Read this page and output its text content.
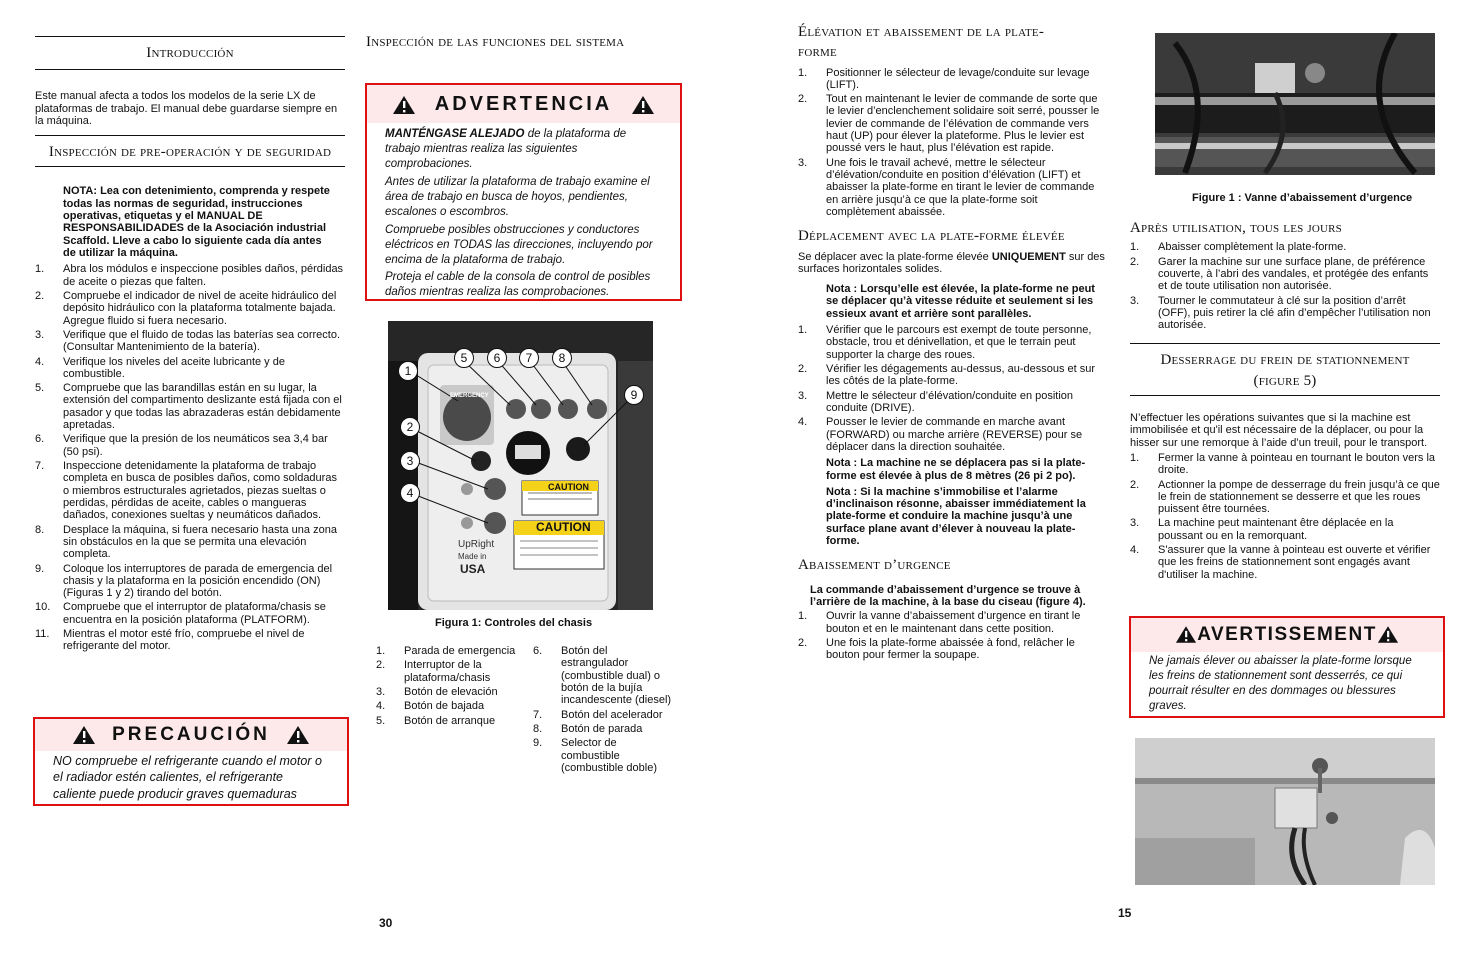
Introducción

Este manual afecta a todos los modelos de la serie LX de plataformas de trabajo. El manual debe guardarse siempre en la máquina.

Inspección de pre-operación y de seguridad

NOTA: Lea con detenimiento, comprenda y respete todas las normas de seguridad, instrucciones operativas, etiquetas y el MANUAL DE RESPONSABILIDADES de la Asociación industrial Scaffold. Lleve a cabo lo siguiente cada día antes de utilizar la máquina.

1. Abra los módulos e inspeccione posibles daños, pérdidas de aceite o piezas que falten.
2. Compruebe el indicador de nivel de aceite hidráulico del depósito hidráulico con la plataforma totalmente bajada. Agregue fluido si fuera necesario.
3. Verifique que el fluido de todas las baterías sea correcto. (Consultar Mantenimiento de la batería).
4. Verifique los niveles del aceite lubricante y de combustible.
5. Compruebe que las barandillas están en su lugar, la extensión del compartimento deslizante está fijada con el pasador y que todas las abrazaderas están debidamente apretadas.
6. Verifique que la presión de los neumáticos sea 3,4 bar (50 psi).
7. Inspeccione detenidamente la plataforma de trabajo completa en busca de posibles daños, como soldaduras o miembros estructurales agrietados, piezas sueltas o perdidas, pérdidas de aceite, cables o mangueras dañados, conexiones sueltas y neumáticos dañados.
8. Desplace la máquina, si fuera necesario hasta una zona sin obstáculos en la que se permita una elevación completa.
9. Coloque los interruptores de parada de emergencia del chasis y la plataforma en la posición encendido (ON) (Figuras 1 y 2) tirando del botón.
10. Compruebe que el interruptor de plataforma/chasis se encuentra en la posición plataforma (PLATFORM).
11. Mientras el motor esté frío, compruebe el nivel de refrigerante del motor.
PRECAUCIÓN

NO compruebe el refrigerante cuando el motor o el radiador estén calientes, el refrigerante caliente puede producir graves quemaduras

Inspección de las funciones del sistema
ADVERTENCIA

MANTÉNGASE ALEJADO de la plataforma de trabajo mientras realiza las siguientes comprobaciones.

Antes de utilizar la plataforma de trabajo examine el área de trabajo en busca de hoyos, pendientes, escalones o escombros.

Compruebe posibles obstrucciones y conductores eléctricos en TODAS las direcciones, incluyendo por encima de la plataforma de trabajo.

Proteja el cable de la consola de control de posibles daños mientras realiza las comprobaciones.

EMERGENCY
CAUTION
CAUTION
UpRight
Made in
USA
1
2
3
4
5	6	7	8
9
Figura 1: Controles del chasis
1. Parada de emergencia
2. Interruptor de la plataforma/chasis
3. Botón de elevación
4. Botón de bajada
5. Botón de arranque
6. Botón del estrangulador (combustible dual) o botón de la bujía incandescente (diesel)
7. Botón del acelerador
8. Botón de parada
9. Selector de combustible (combustible doble)
30
Élévation et abaissement de la plate-forme
1. Positionner le sélecteur de levage/conduite sur levage (LIFT).
2. Tout en maintenant le levier de commande de sorte que le levier d’enclenchement solidaire soit serré, pousser le levier de commande de l’élévation de commande vers haut (UP) pour élever la plateforme. Plus le levier est poussé vers le haut, plus l’élévation est rapide.
3. Une fois le travail achevé, mettre le sélecteur d’élévation/conduite en position d’élévation (LIFT) et abaisser la plate-forme en tirant le levier de commande en arrière jusqu’à ce que la plate-forme soit complètement abaissée.
Déplacement avec la plate-forme élevée

Se déplacer avec la plate-forme élevée UNIQUEMENT sur des surfaces horizontales solides.

Nota : Lorsqu’elle est élevée, la plate-forme ne peut se déplacer qu’à vitesse réduite et seulement si les essieux avant et arrière sont parallèles.

1. Vérifier que le parcours est exempt de toute personne, obstacle, trou et dénivellation, et que le terrain peut supporter la charge des roues.
2. Vérifier les dégagements au-dessus, au-dessous et sur les côtés de la plate-forme.
3. Mettre le sélecteur d’élévation/conduite en position conduite (DRIVE).
4. Pousser le levier de commande en marche avant (FORWARD) ou marche arrière (REVERSE) pour se déplacer dans la direction souhaitée.

Nota : La machine ne se déplacera pas si la plate-forme est élevée à plus de 8 mètres (26 pi 2 po).

Nota : Si la machine s’immobilise et l’alarme d’inclinaison résonne, abaisser immédiatement la plate-forme et conduire la machine jusqu’à une surface plane avant d’élever à nouveau la plate-forme.

Abaissement d’urgence

La commande d’abaissement d’urgence se trouve à l’arrière de la machine, à la base du ciseau (figure 4).

1. Ouvrir la vanne d’abaissement d’urgence en tirant le bouton et en le maintenant dans cette position.
2. Une fois la plate-forme abaissée à fond, relâcher le bouton pour fermer la soupape.
Figure 1 : Vanne d’abaissement d’urgence
Après utilisation, tous les jours
1. Abaisser complètement la plate-forme.
2. Garer la machine sur une surface plane, de préférence couverte, à l’abri des vandales, et protégée des enfants et de toute utilisation non autorisée.
3. Tourner le commutateur à clé sur la position d’arrêt (OFF), puis retirer la clé afin d’empêcher l’utilisation non autorisée.
Desserrage du frein de stationnement
(figure 5)

N’effectuer les opérations suivantes que si la machine est immobilisée et qu'il est nécessaire de la déplacer, ou pour la hisser sur une remorque à l’aide d’un treuil, pour le transport.

1. Fermer la vanne à pointeau en tournant le bouton vers la droite.
2. Actionner la pompe de desserrage du frein jusqu’à ce que le frein de stationnement se desserre et que les roues puissent être tournées.
3. La machine peut maintenant être déplacée en la poussant ou en la remorquant.
4. S'assurer que la vanne à pointeau est ouverte et vérifier que les freins de stationnement sont engagés avant d'utiliser la machine.
AVERTISSEMENT

Ne jamais élever ou abaisser la plate-forme lorsque les freins de stationnement sont desserrés, ce qui pourrait résulter en des dommages ou blessures graves.

15
